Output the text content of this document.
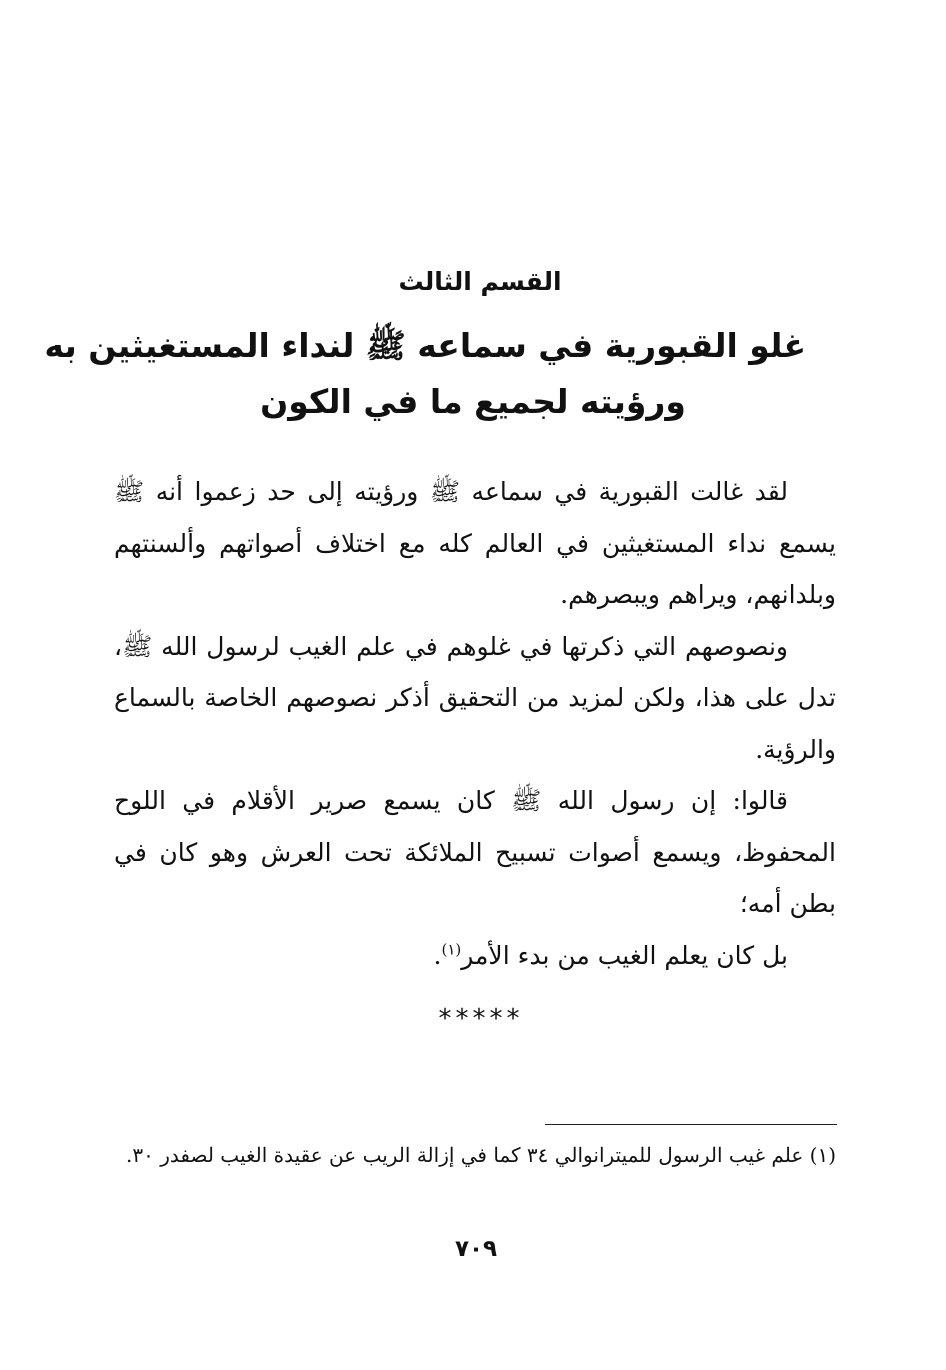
القسم الثالث
غلو القبورية في سماعه ﷺ لنداء المستغيثين به
ورؤيته لجميع ما في الكون

لقد غالت القبورية في سماعه ﷺ ورؤيته إلى حد زعموا أنه ﷺ يسمع نداء المستغيثين في العالم كله مع اختلاف أصواتهم وألسنتهم وبلدانهم، ويراهم ويبصرهم.

ونصوصهم التي ذكرتها في غلوهم في علم الغيب لرسول الله ﷺ، تدل على هذا، ولكن لمزيد من التحقيق أذكر نصوصهم الخاصة بالسماع والرؤية.

قالوا: إن رسول الله ﷺ كان يسمع صرير الأقلام في اللوح المحفوظ، ويسمع أصوات تسبيح الملائكة تحت العرش وهو كان في بطن أمه؛

بل كان يعلم الغيب من بدء الأمر$^{(١)}$.

*****
(١) علم غيب الرسول للميترانوالي ٣٤ كما في إزالة الريب عن عقيدة الغيب لصفدر ٣٠.
٧٠٩
